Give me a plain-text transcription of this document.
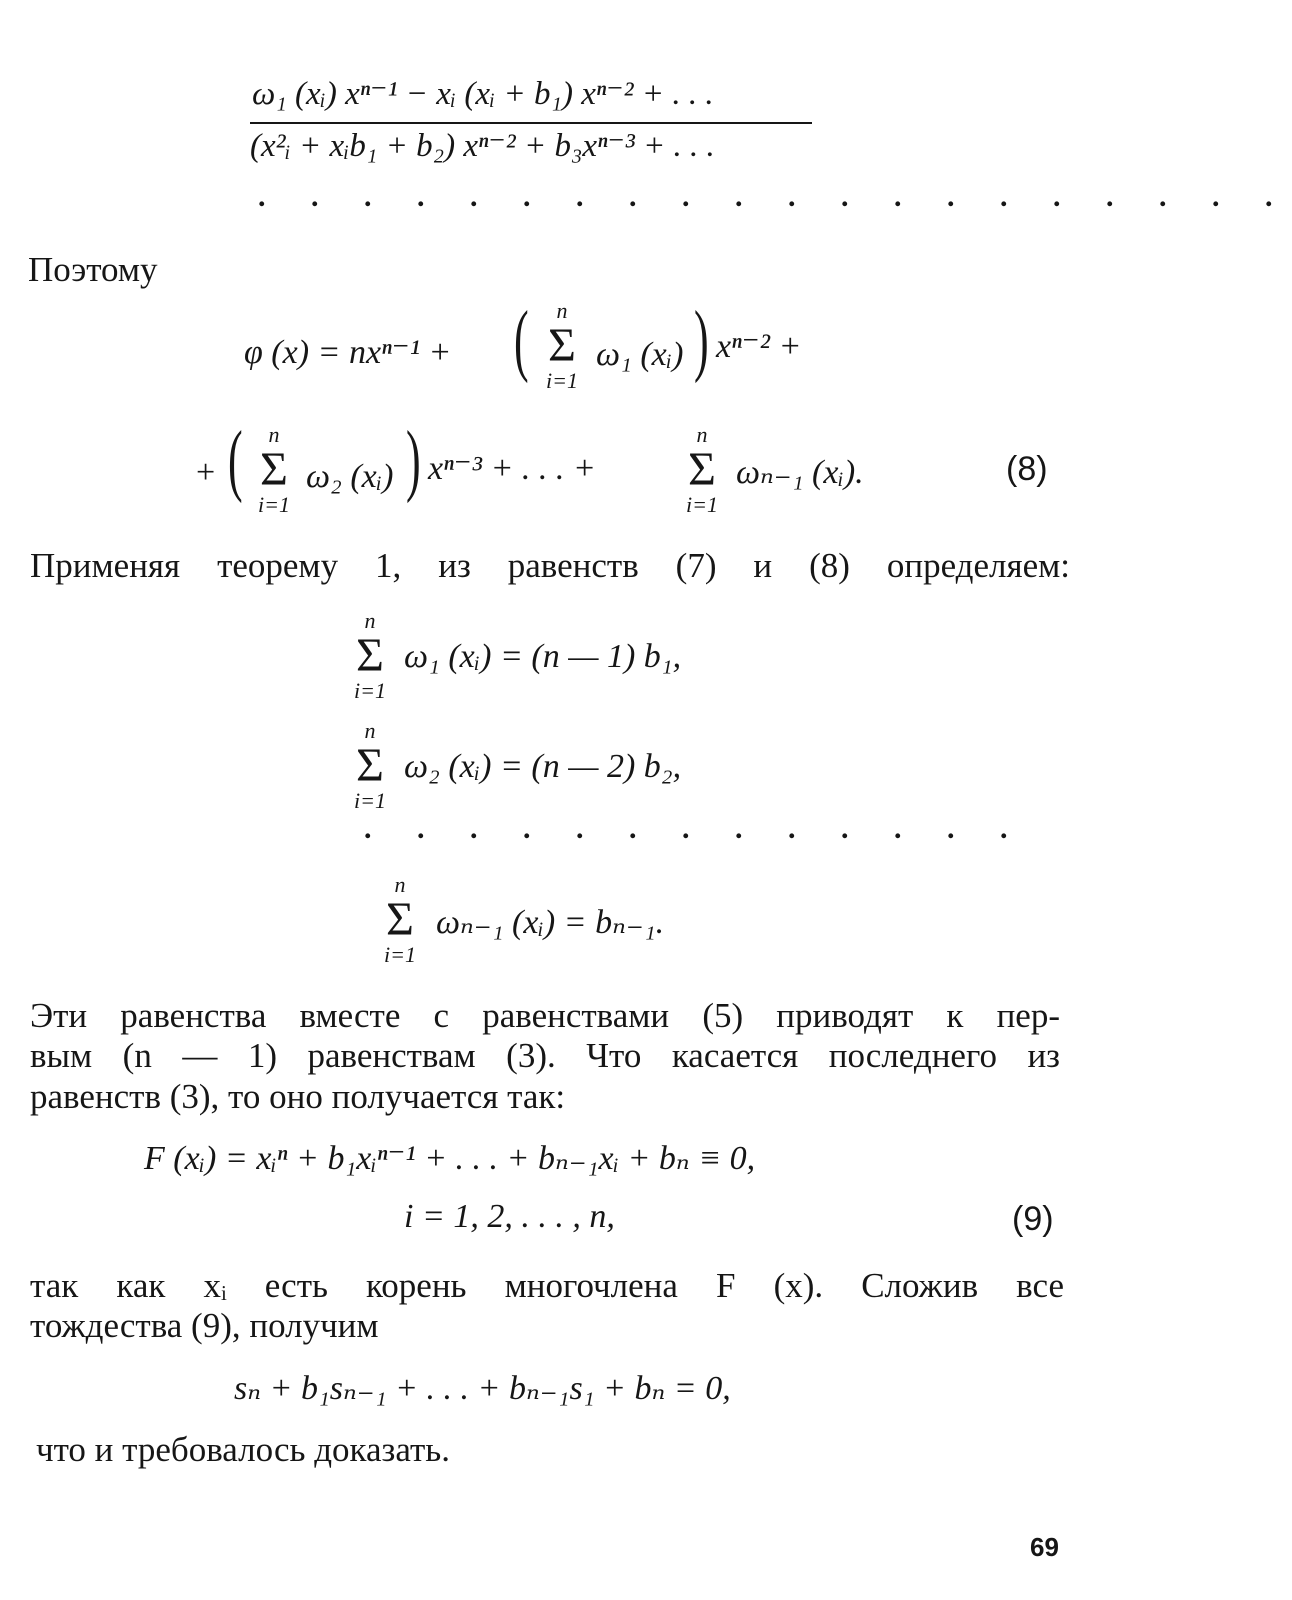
ω₁ (xᵢ) xⁿ⁻¹ − xᵢ (xᵢ + b₁) xⁿ⁻² + . . .
(x²ᵢ + xᵢb₁ + b₂) xⁿ⁻² + b₃xⁿ⁻³ + . . .
. . . . . . . . . . . . . . . . . . . .
Поэтому
φ (x) = nxⁿ⁻¹ + (	n
Σ
i=1
ω₁ (xᵢ) ) xⁿ⁻² +
+ (	n
Σ
i=1
ω₂ (xᵢ) ) xⁿ⁻³ + . . . +
n
Σ
i=1
ωₙ₋₁ (xᵢ).	(8)
Применяя теорему 1, из равенств (7) и (8) определяем:
n
Σ
i=1
ω₁ (xᵢ) = (n — 1) b₁,
n
Σ
i=1
ω₂ (xᵢ) = (n — 2) b₂,
. . . . . . . . . . . . .
n
Σ
i=1
ωₙ₋₁ (xᵢ) = bₙ₋₁.
Эти равенства вместе с равенствами (5) приводят к пер-
вым (n — 1) равенствам (3). Что касается последнего из
равенств (3), то оно получается так:
F (xᵢ) = xᵢⁿ + b₁xᵢⁿ⁻¹ + . . . + bₙ₋₁xᵢ + bₙ ≡ 0,
i = 1, 2, . . . , n,	(9)
так как xᵢ есть корень многочлена F (x). Сложив все
тождества (9), получим
sₙ + b₁sₙ₋₁ + . . . + bₙ₋₁s₁ + bₙ = 0,
что и требовалось доказать.
69
